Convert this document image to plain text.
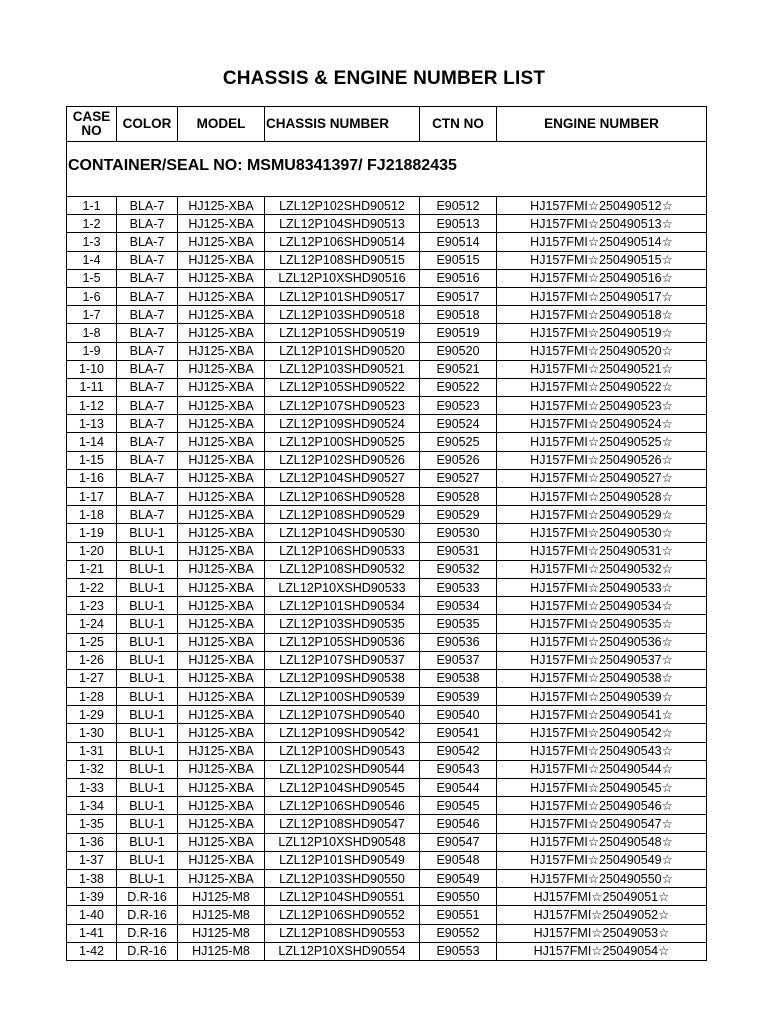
CHASSIS & ENGINE NUMBER LIST
CASE NO	COLOR	MODEL	CHASSIS NUMBER	CTN NO	ENGINE NUMBER
CONTAINER/SEAL NO: MSMU8341397/ FJ21882435					
1-1	BLA-7	HJ125-XBA	LZL12P102SHD90512	E90512	HJ157FMI☆250490512☆
1-2	BLA-7	HJ125-XBA	LZL12P104SHD90513	E90513	HJ157FMI☆250490513☆
1-3	BLA-7	HJ125-XBA	LZL12P106SHD90514	E90514	HJ157FMI☆250490514☆
1-4	BLA-7	HJ125-XBA	LZL12P108SHD90515	E90515	HJ157FMI☆250490515☆
1-5	BLA-7	HJ125-XBA	LZL12P10XSHD90516	E90516	HJ157FMI☆250490516☆
1-6	BLA-7	HJ125-XBA	LZL12P101SHD90517	E90517	HJ157FMI☆250490517☆
1-7	BLA-7	HJ125-XBA	LZL12P103SHD90518	E90518	HJ157FMI☆250490518☆
1-8	BLA-7	HJ125-XBA	LZL12P105SHD90519	E90519	HJ157FMI☆250490519☆
1-9	BLA-7	HJ125-XBA	LZL12P101SHD90520	E90520	HJ157FMI☆250490520☆
1-10	BLA-7	HJ125-XBA	LZL12P103SHD90521	E90521	HJ157FMI☆250490521☆
1-11	BLA-7	HJ125-XBA	LZL12P105SHD90522	E90522	HJ157FMI☆250490522☆
1-12	BLA-7	HJ125-XBA	LZL12P107SHD90523	E90523	HJ157FMI☆250490523☆
1-13	BLA-7	HJ125-XBA	LZL12P109SHD90524	E90524	HJ157FMI☆250490524☆
1-14	BLA-7	HJ125-XBA	LZL12P100SHD90525	E90525	HJ157FMI☆250490525☆
1-15	BLA-7	HJ125-XBA	LZL12P102SHD90526	E90526	HJ157FMI☆250490526☆
1-16	BLA-7	HJ125-XBA	LZL12P104SHD90527	E90527	HJ157FMI☆250490527☆
1-17	BLA-7	HJ125-XBA	LZL12P106SHD90528	E90528	HJ157FMI☆250490528☆
1-18	BLA-7	HJ125-XBA	LZL12P108SHD90529	E90529	HJ157FMI☆250490529☆
1-19	BLU-1	HJ125-XBA	LZL12P104SHD90530	E90530	HJ157FMI☆250490530☆
1-20	BLU-1	HJ125-XBA	LZL12P106SHD90533	E90531	HJ157FMI☆250490531☆
1-21	BLU-1	HJ125-XBA	LZL12P108SHD90532	E90532	HJ157FMI☆250490532☆
1-22	BLU-1	HJ125-XBA	LZL12P10XSHD90533	E90533	HJ157FMI☆250490533☆
1-23	BLU-1	HJ125-XBA	LZL12P101SHD90534	E90534	HJ157FMI☆250490534☆
1-24	BLU-1	HJ125-XBA	LZL12P103SHD90535	E90535	HJ157FMI☆250490535☆
1-25	BLU-1	HJ125-XBA	LZL12P105SHD90536	E90536	HJ157FMI☆250490536☆
1-26	BLU-1	HJ125-XBA	LZL12P107SHD90537	E90537	HJ157FMI☆250490537☆
1-27	BLU-1	HJ125-XBA	LZL12P109SHD90538	E90538	HJ157FMI☆250490538☆
1-28	BLU-1	HJ125-XBA	LZL12P100SHD90539	E90539	HJ157FMI☆250490539☆
1-29	BLU-1	HJ125-XBA	LZL12P107SHD90540	E90540	HJ157FMI☆250490541☆
1-30	BLU-1	HJ125-XBA	LZL12P109SHD90542	E90541	HJ157FMI☆250490542☆
1-31	BLU-1	HJ125-XBA	LZL12P100SHD90543	E90542	HJ157FMI☆250490543☆
1-32	BLU-1	HJ125-XBA	LZL12P102SHD90544	E90543	HJ157FMI☆250490544☆
1-33	BLU-1	HJ125-XBA	LZL12P104SHD90545	E90544	HJ157FMI☆250490545☆
1-34	BLU-1	HJ125-XBA	LZL12P106SHD90546	E90545	HJ157FMI☆250490546☆
1-35	BLU-1	HJ125-XBA	LZL12P108SHD90547	E90546	HJ157FMI☆250490547☆
1-36	BLU-1	HJ125-XBA	LZL12P10XSHD90548	E90547	HJ157FMI☆250490548☆
1-37	BLU-1	HJ125-XBA	LZL12P101SHD90549	E90548	HJ157FMI☆250490549☆
1-38	BLU-1	HJ125-XBA	LZL12P103SHD90550	E90549	HJ157FMI☆250490550☆
1-39	D.R-16	HJ125-M8	LZL12P104SHD90551	E90550	HJ157FMI☆25049051☆
1-40	D.R-16	HJ125-M8	LZL12P106SHD90552	E90551	HJ157FMI☆25049052☆
1-41	D.R-16	HJ125-M8	LZL12P108SHD90553	E90552	HJ157FMI☆25049053☆
1-42	D.R-16	HJ125-M8	LZL12P10XSHD90554	E90553	HJ157FMI☆25049054☆
